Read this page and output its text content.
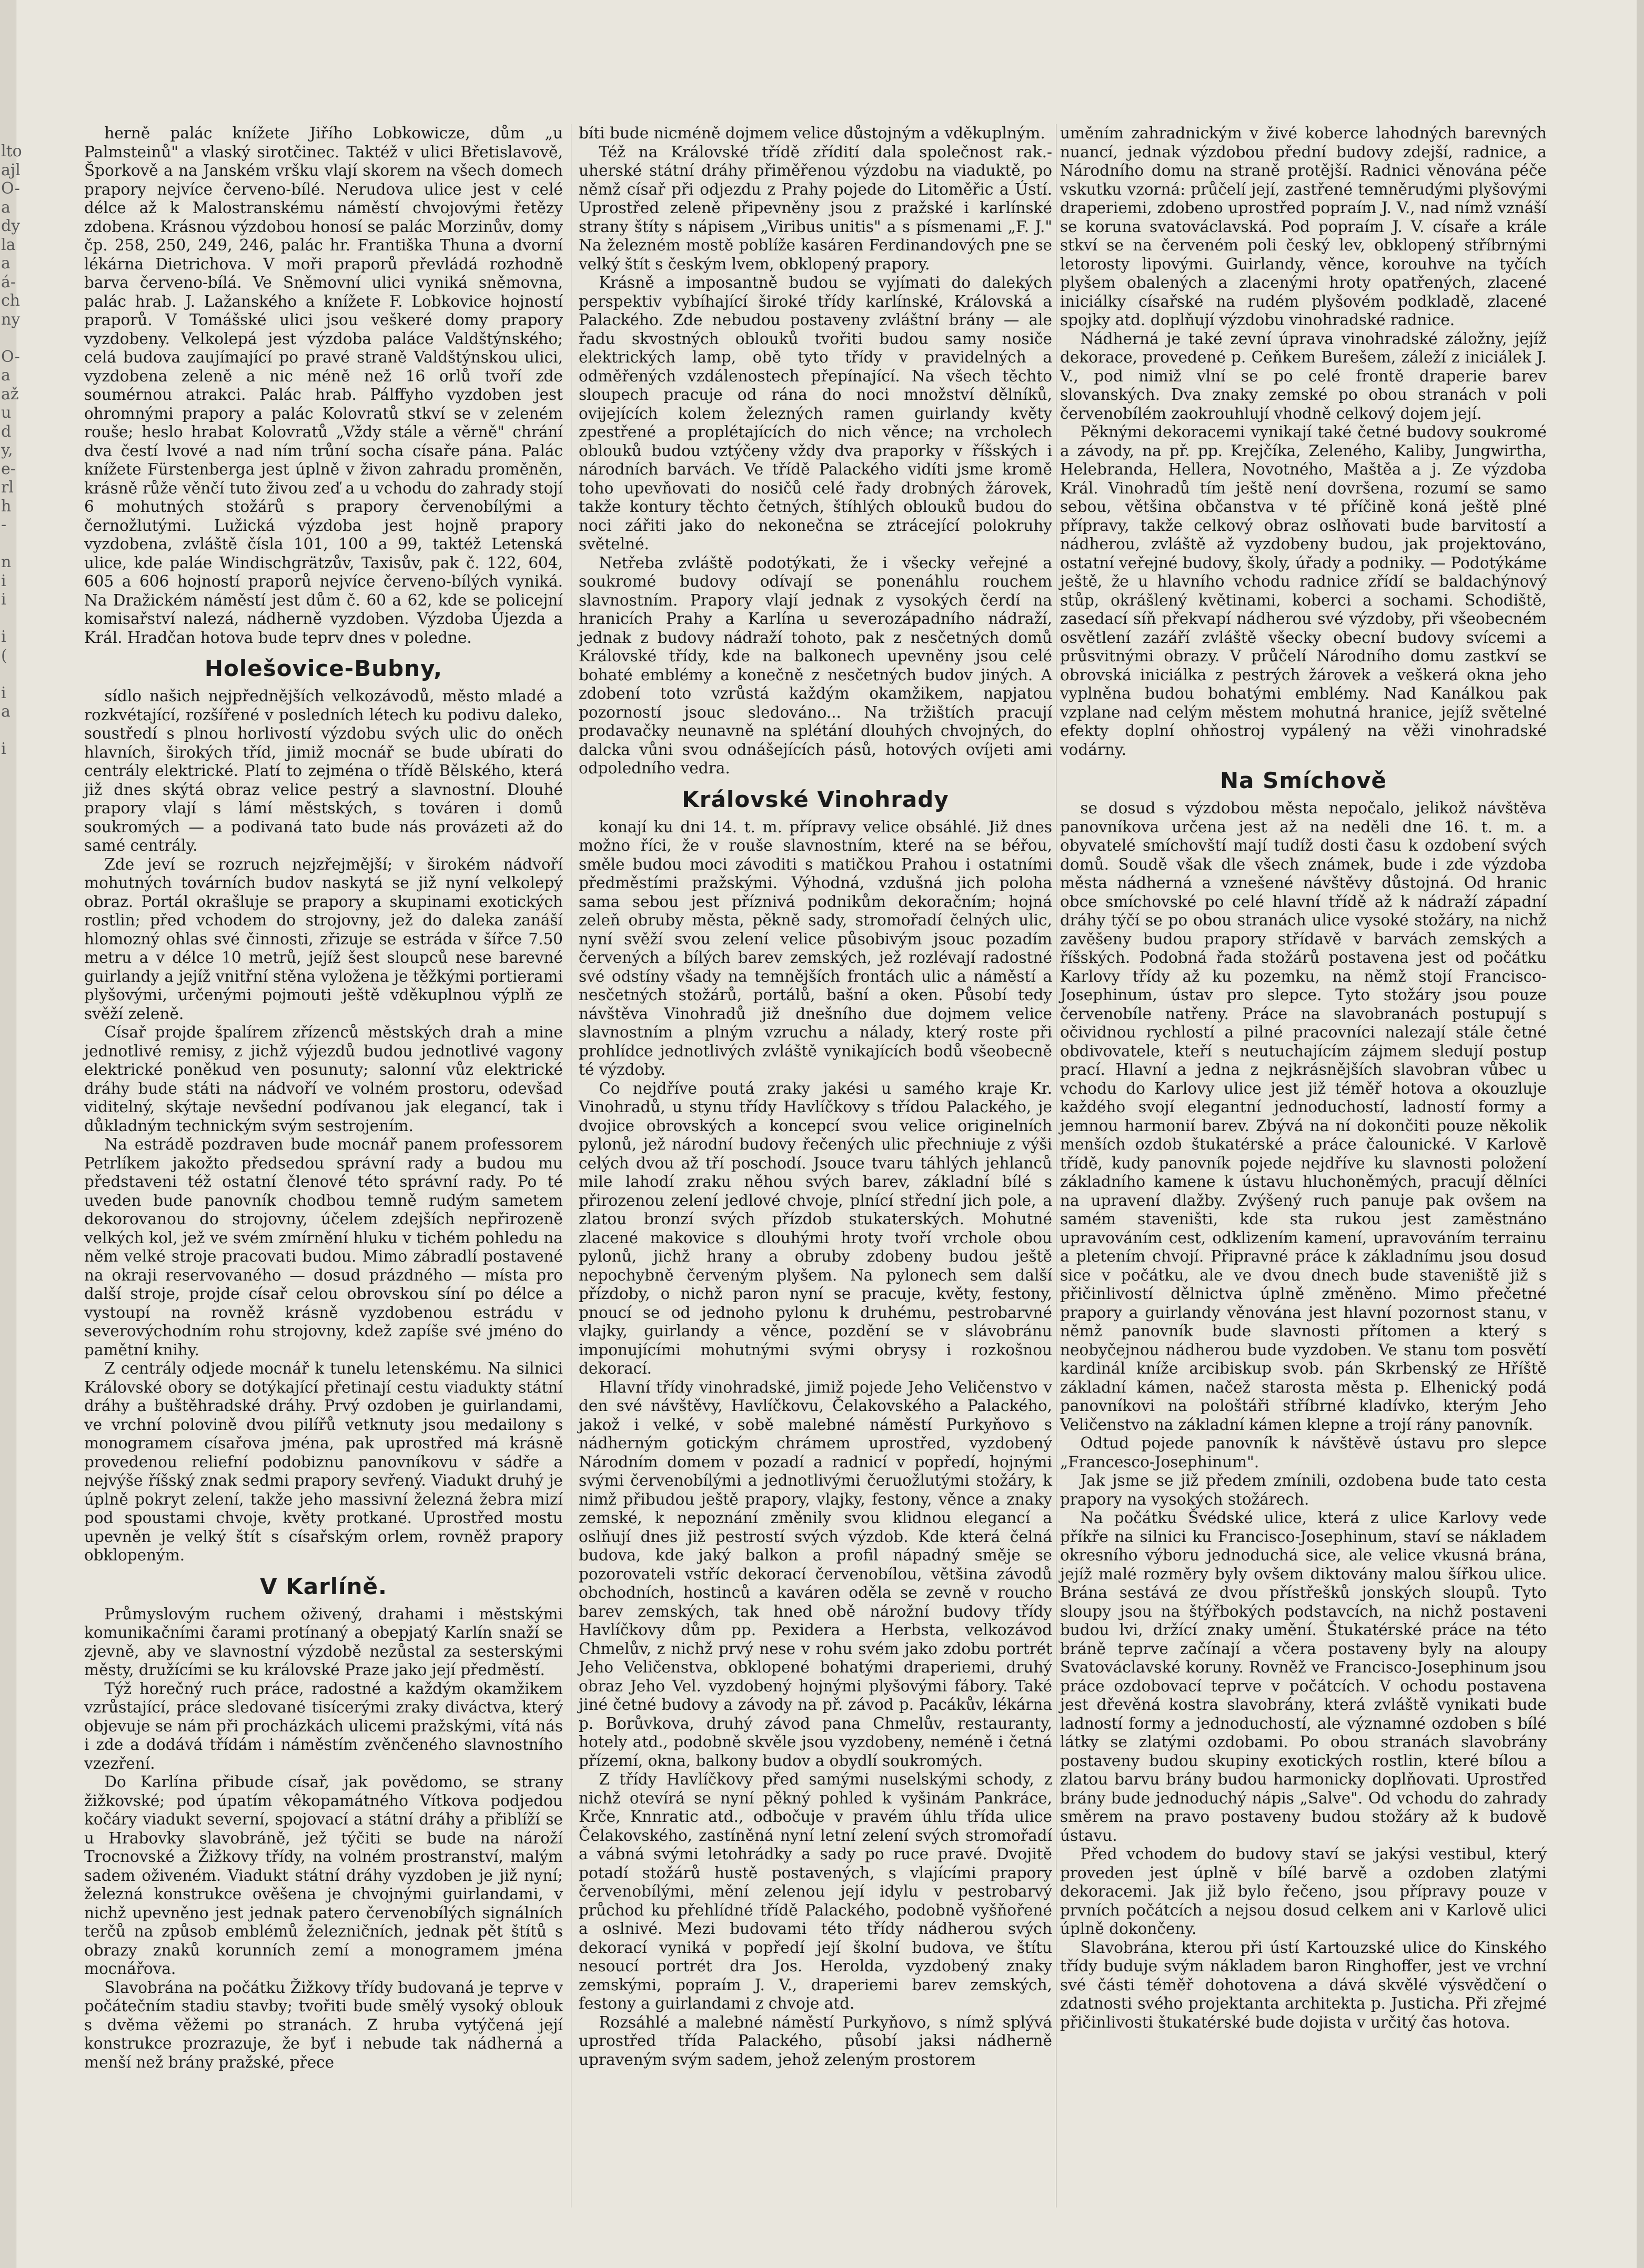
lto
ajl
O-
a
dy
la
a
á-
ch
ny

O-
a
až
u
d
y,
e-
rl
h
-

n
i
i

i
(

i
a

i

herně palác knížete Jiřího Lobkowicze, dům „u Palmsteinů" a vlaský sirotčinec. Taktéž v ulici Břetislavově, Šporkově a na Janském vršku vlají skorem na všech domech prapory nejvíce červeno-bílé. Nerudova ulice jest v celé délce až k Malostranskému náměstí chvojovými řetězy zdobena. Krásnou výzdobou honosí se palác Morzinův, domy čp. 258, 250, 249, 246, palác hr. Františka Thuna a dvorní lékárna Dietrichova. V moři praporů převládá rozhodně barva červeno-bílá. Ve Sněmovní ulici vyniká sněmovna, palác hrab. J. Lažanského a knížete F. Lobkovice hojností praporů. V Tomášské ulici jsou veškeré domy prapory vyzdobeny. Velkolepá jest výzdoba paláce Valdštýnského; celá budova zaujímající po pravé straně Valdštýnskou ulici, vyzdobena zeleně a nic méně než 16 orlů tvoří zde soumérnou atrakci. Palác hrab. Pálffyho vyzdoben jest ohromnými prapory a palác Kolovratů stkví se v zeleném rouše; heslo hrabat Kolovratů „Vždy stále a věrně" chrání dva čestí lvové a nad ním trůní socha císaře pána. Palác knížete Fürstenberga jest úplně v živon zahradu proměněn, krásně růže věnčí tuto živou zeď a u vchodu do zahrady stojí 6 mohutných stožárů s prapory červenobílými a černožlutými. Lužická výzdoba jest hojně prapory vyzdobena, zvláště čísla 101, 100 a 99, taktéž Letenská ulice, kde paláe Windischgrätzův, Taxisův, pak č. 122, 604, 605 a 606 hojností praporů nejvíce červeno-bílých vyniká. Na Dražickém náměstí jest dům č. 60 a 62, kde se policejní komisařství nalezá, nádherně vyzdoben. Výzdoba Újezda a Král. Hradčan hotova bude teprv dnes v poledne.

Holešovice-Bubny,

sídlo našich nejpřednějších velkozávodů, město mladé a rozkvétající, rozšířené v posledních létech ku podivu daleko, soustředí s plnou horlivostí výzdobu svých ulic do oněch hlavních, širokých tříd, jimiž mocnář se bude ubírati do centrály elektrické. Platí to zejména o třídě Bělského, která již dnes skýtá obraz velice pestrý a slavnostní. Dlouhé prapory vlají s lámí městských, s továren i domů soukromých — a podivaná tato bude nás provázeti až do samé centrály.

Zde jeví se rozruch nejzřejmější; v širokém nádvoří mohutných továrních budov naskytá se již nyní velkolepý obraz. Portál okrašluje se prapory a skupinami exotických rostlin; před vchodem do strojovny, jež do daleka zanáší hlomozný ohlas své činnosti, zřizuje se estráda v šířce 7.50 metru a v délce 10 metrů, jejíž šest sloupců nese barevné guirlandy a jejíž vnitřní stěna vyložena je těžkými portierami plyšovými, určenými pojmouti ještě vděkuplnou výplň ze svěží zeleně.

Císař projde špalírem zřízenců městských drah a mine jednotlivé remisy, z jichž výjezdů budou jednotlivé vagony elektrické poněkud ven posunuty; salonní vůz elektrické dráhy bude státi na nádvoří ve volném prostoru, odevšad viditelný, skýtaje nevšední podívanou jak elegancí, tak i důkladným technickým svým sestrojením.

Na estrádě pozdraven bude mocnář panem professorem Petrlíkem jakožto předsedou správní rady a budou mu představeni též ostatní členové této správní rady. Po té uveden bude panovník chodbou temně rudým sametem dekorovanou do strojovny, účelem zdejších nepřirozeně velkých kol, jež ve svém zmírnění hluku v tichém pohledu na něm velké stroje pracovati budou. Mimo zábradlí postavené na okraji reservovaného — dosud prázdného — místa pro další stroje, projde císař celou obrovskou síní po délce a vystoupí na rovněž krásně vyzdobenou estrádu v severovýchodním rohu strojovny, kdež zapíše své jméno do pamětní knihy.

Z centrály odjede mocnář k tunelu letenskému. Na silnici Královské obory se dotýkající přetinají cestu viadukty státní dráhy a buštěhradské dráhy. Prvý ozdoben je guirlandami, ve vrchní polovině dvou pilířů vetknuty jsou medailony s monogramem císařova jména, pak uprostřed má krásně provedenou reliefní podobiznu panovníkovu v sádře a nejvýše říšský znak sedmi prapory sevřený. Viadukt druhý je úplně pokryt zelení, takže jeho massivní železná žebra mizí pod spoustami chvoje, květy protkané. Uprostřed mostu upevněn je velký štít s císařským orlem, rovněž prapory obklopeným.

V Karlíně.

Průmyslovým ruchem oživený, drahami i městskými komunikačními čarami protínaný a obepjatý Karlín snaží se zjevně, aby ve slavnostní výzdobě nezůstal za sesterskými městy, družícími se ku královské Praze jako její předměstí.

Týž horečný ruch práce, radostné a každým okamžikem vzrůstající, práce sledované tisícerými zraky diváctva, který objevuje se nám při procházkách ulicemi pražskými, vítá nás i zde a dodává třídám i náměstím zvěnčeného slavnostního vzezření.

Do Karlína přibude císař, jak povědomo, se strany žižkovské; pod úpatím vêkopamátného Vítkova podjedou kočáry viadukt severní, spojovací a státní dráhy a přiblíží se u Hrabovky slavobráně, jež týčiti se bude na nároží Trocnovské a Žižkovy třídy, na volném prostranství, malým sadem oživeném. Viadukt státní dráhy vyzdoben je již nyní; železná konstrukce ověšena je chvojnými guirlandami, v nichž upevněno jest jednak patero červenobílých signálních terčů na způsob emblémů železničních, jednak pět štítů s obrazy znaků korunních zemí a monogramem jména mocnářova.

Slavobrána na počátku Žižkovy třídy budovaná je teprve v počátečním stadiu stavby; tvořiti bude smělý vysoký oblouk s dvěma věžemi po stranách. Z hruba vytýčená její konstrukce prozrazuje, že byť i nebude tak nádherná a menší než brány pražské, přece

bíti bude nicméně dojmem velice důstojným a vděkuplným.

Též na Královské třídě zřídití dala společnost rak.-uherské státní dráhy přiměřenou výzdobu na viaduktě, po němž císař při odjezdu z Prahy pojede do Litoměřic a Ústí. Uprostřed zeleně připevněny jsou z pražské i karlínské strany štíty s nápisem „Viribus unitis" a s písmenami „F. J." Na železném mostě poblíže kasáren Ferdinandových pne se velký štít s českým lvem, obklopený prapory.

Krásně a imposantně budou se vyjímati do dalekých perspektiv vybíhající široké třídy karlínské, Královská a Palackého. Zde nebudou postaveny zvláštní brány — ale řadu skvostných oblouků tvořiti budou samy nosiče elektrických lamp, obě tyto třídy v pravidelných a odměřených vzdálenostech přepínající. Na všech těchto sloupech pracuje od rána do noci množství dělníků, ovijejících kolem železných ramen guirlandy květy zpestřené a proplétajících do nich věnce; na vrcholech oblouků budou vztýčeny vždy dva praporky v říšských i národních barvách. Ve třídě Palackého vidíti jsme kromě toho upevňovati do nosičů celé řady drobných žárovek, takže kontury těchto četných, štíhlých oblouků budou do noci zářiti jako do nekonečna se ztrácející polokruhy světelné.

Netřeba zvláště podotýkati, že i všecky veřejné a soukromé budovy odívají se ponenáhlu rouchem slavnostním. Prapory vlají jednak z vysokých čerdí na hranicích Prahy a Karlína u severozápadního nádraží, jednak z budovy nádraží tohoto, pak z nesčetných domů Královské třídy, kde na balkonech upevněny jsou celé bohaté emblémy a konečně z nesčetných budov jiných. A zdobení toto vzrůstá každým okamžikem, napjatou pozorností jsouc sledováno... Na tržištích pracují prodavačky neunavně na splétání dlouhých chvojných, do dalcka vůni svou odnášejících pásů, hotových ovíjeti ami odpoledního vedra.

Královské Vinohrady

konají ku dni 14. t. m. přípravy velice obsáhlé. Již dnes možno říci, že v rouše slavnostním, které na se béřou, směle budou moci závoditi s matičkou Prahou i ostatními předměstími pražskými. Výhodná, vzdušná jich poloha sama sebou jest příznivá podnikům dekoračním; hojná zeleň obruby města, pěkně sady, stromořadí čelných ulic, nyní svěží svou zelení velice působivým jsouc pozadím červených a bílých barev zemských, jež rozlévají radostné své odstíny všady na temnějších frontách ulic a náměstí a nesčetných stožárů, portálů, bašní a oken. Působí tedy návštěva Vinohradů již dnešního due dojmem velice slavnostním a plným vzruchu a nálady, který roste při prohlídce jednotlivých zvláště vynikajících bodů všeobecně té výzdoby.

Co nejdříve poutá zraky jakési u samého kraje Kr. Vinohradů, u stynu třídy Havlíčkovy s třídou Palackého, je dvojice obrovských a koncepcí svou velice originelních pylonů, jež národní budovy řečených ulic přechniuje z výši celých dvou až tří poschodí. Jsouce tvaru táhlých jehlanců mile lahodí zraku něhou svých barev, základní bílé s přirozenou zelení jedlové chvoje, plnící střední jich pole, a zlatou bronzí svých přízdob stukaterských. Mohutné zlacené makovice s dlouhými hroty tvoří vrchole obou pylonů, jichž hrany a obruby zdobeny budou ještě nepochybně červeným plyšem. Na pylonech sem další přízdoby, o nichž paron nyní se pracuje, květy, festony, pnoucí se od jednoho pylonu k druhému, pestrobarvné vlajky, guirlandy a věnce, pozdění se v slávobránu imponujícími mohutnými svými obrysy i rozkošnou dekorací.

Hlavní třídy vinohradské, jimiž pojede Jeho Veličenstvo v den své návštěvy, Havlíčkovu, Čelakovského a Palackého, jakož i velké, v sobě malebné náměstí Purkyňovo s nádherným gotickým chrámem uprostřed, vyzdobený Národním domem v pozadí a radnicí v popředí, hojnými svými červenobílými a jednotlivými čeruožlutými stožáry, k nimž přibudou ještě prapory, vlajky, festony, věnce a znaky zemské, k nepoznání změnily svou klidnou elegancí a oslňují dnes již pestrostí svých výzdob. Kde která čelná budova, kde jaký balkon a profil nápadný směje se pozorovateli vstříc dekorací červenobílou, většina závodů obchodních, hostinců a kaváren oděla se zevně v roucho barev zemských, tak hned obě nárožní budovy třídy Havlíčkovy dům pp. Pexidera a Herbsta, velkozávod Chmelův, z nichž prvý nese v rohu svém jako zdobu portrét Jeho Veličenstva, obklopené bohatými draperiemi, druhý obraz Jeho Vel. vyzdobený hojnými plyšovými fábory. Také jiné četné budovy a závody na př. závod p. Pacákův, lékárna p. Borůvkova, druhý závod pana Chmelův, restauranty, hotely atd., podobně skvěle jsou vyzdobeny, neméně i četná přízemí, okna, balkony budov a obydlí soukromých.

Z třídy Havlíčkovy před samými nuselskými schody, z nichž otevírá se nyní pěkný pohled k vyšinám Pankráce, Krče, Knnratic atd., odbočuje v pravém úhlu třída ulice Čelakovského, zastíněná nyní letní zelení svých stromořadí a vábná svými letohrádky a sady po ruce pravé. Dvojitě potadí stožárů hustě postavených, s vlajícími prapory červenobílými, mění zelenou její idylu v pestrobarvý průchod ku přehlídné třídě Palackého, podobně vyšňořené a oslnivé. Mezi budovami této třídy nádherou svých dekorací vyniká v popředí její školní budova, ve štítu nesoucí portrét dra Jos. Herolda, vyzdobený znaky zemskými, popraím J. V., draperiemi barev zemských, festony a guirlandami z chvoje atd.

Rozsáhlé a malebné náměstí Purkyňovo, s nímž splývá uprostřed třída Palackého, působí jaksi nádherně upraveným svým sadem, jehož zeleným prostorem

uměním zahradnickým v živé koberce lahodných barevných nuancí, jednak výzdobou přední budovy zdejší, radnice, a Národního domu na straně protější. Radnici věnována péče vskutku vzorná: průčelí její, zastřené temněrudými plyšovými draperiemi, zdobeno uprostřed popraím J. V., nad nímž vznáší se koruna svatováclavská. Pod popraím J. V. císaře a krále stkví se na červeném poli český lev, obklopený stříbrnými letorosty lipovými. Guirlandy, věnce, korouhve na tyčích plyšem obalených a zlacenými hroty opatřených, zlacené iniciálky císařské na rudém plyšovém podkladě, zlacené spojky atd. doplňují výzdobu vinohradské radnice.

Nádherná je také zevní úprava vinohradské záložny, jejíž dekorace, provedené p. Ceňkem Burešem, záleží z iniciálek J. V., pod nimiž vlní se po celé frontě draperie barev slovanských. Dva znaky zemské po obou stranách v poli červenobílém zaokrouhlují vhodně celkový dojem její.

Pěknými dekoracemi vynikají také četné budovy soukromé a závody, na př. pp. Krejčíka, Zeleného, Kaliby, Jungwirtha, Helebranda, Hellera, Novotného, Maštěa a j. Ze výzdoba Král. Vinohradů tím ještě není dovršena, rozumí se samo sebou, většina občanstva v té příčině koná ještě plné přípravy, takže celkový obraz oslňovati bude barvitostí a nádherou, zvláště až vyzdobeny budou, jak projektováno, ostatní veřejné budovy, školy, úřady a podniky. — Podotýkáme ještě, že u hlavního vchodu radnice zřídí se baldachýnový stůp, okrášlený květinami, koberci a sochami. Schodiště, zasedací síň překvapí nádherou své výzdoby, při všeobecném osvětlení zazáří zvláště všecky obecní budovy svícemi a průsvitnými obrazy. V průčelí Národního domu zastkví se obrovská iniciálka z pestrých žárovek a veškerá okna jeho vyplněna budou bohatými emblémy. Nad Kanálkou pak vzplane nad celým městem mohutná hranice, jejíž světelné efekty doplní ohňostroj vypálený na věži vinohradské vodárny.

Na Smíchově

se dosud s výzdobou města nepočalo, jelikož návštěva panovníkova určena jest až na neděli dne 16. t. m. a obyvatelé smíchovští mají tudíž dosti času k ozdobení svých domů. Soudě však dle všech známek, bude i zde výzdoba města nádherná a vznešené návštěvy důstojná. Od hranic obce smíchovské po celé hlavní třídě až k nádraží západní dráhy týčí se po obou stranách ulice vysoké stožáry, na nichž zavěšeny budou prapory střídavě v barvách zemských a říšských. Podobná řada stožárů postavena jest od počátku Karlovy třídy až ku pozemku, na němž stojí Francisco-Josephinum, ústav pro slepce. Tyto stožáry jsou pouze červenobíle natřeny. Práce na slavobranách postupují s očividnou rychlostí a pilné pracovníci nalezají stále četné obdivovatele, kteří s neutuchajícím zájmem sledují postup prací. Hlavní a jedna z nejkrásnějších slavobran vůbec u vchodu do Karlovy ulice jest již téměř hotova a okouzluje každého svojí elegantní jednoduchostí, ladností formy a jemnou harmonií barev. Zbývá na ní dokončiti pouze několik menších ozdob štukatérské a práce čalounické. V Karlově třídě, kudy panovník pojede nejdříve ku slavnosti položení základního kamene k ústavu hluchoněmých, pracují dělníci na upravení dlažby. Zvýšený ruch panuje pak ovšem na samém staveništi, kde sta rukou jest zaměstnáno upravováním cest, odklizením kamení, upravováním terrainu a pletením chvojí. Připravné práce k základnímu jsou dosud sice v počátku, ale ve dvou dnech bude staveniště již s přičinlivostí dělnictva úplně změněno. Mimo přečetné prapory a guirlandy věnována jest hlavní pozornost stanu, v němž panovník bude slavnosti přítomen a který s neobyčejnou nádherou bude vyzdoben. Ve stanu tom posvětí kardinál kníže arcibiskup svob. pán Skrbenský ze Hříště základní kámen, načež starosta města p. Elhenický podá panovníkovi na pološtáři stříbrné kladívko, kterým Jeho Veličenstvo na základní kámen klepne a trojí rány panovník.

Odtud pojede panovník k návštěvě ústavu pro slepce „Francesco-Josephinum".

Jak jsme se již předem zmínili, ozdobena bude tato cesta prapory na vysokých stožárech.

Na počátku Švédské ulice, která z ulice Karlovy vede příkře na silnici ku Francisco-Josephinum, staví se nákladem okresního výboru jednoduchá sice, ale velice vkusná brána, jejíž malé rozměry byly ovšem diktovány malou šířkou ulice. Brána sestává ze dvou přístřešků jonských sloupů. Tyto sloupy jsou na štýřbokých podstavcích, na nichž postaveni budou lvi, držící znaky umění. Štukatérské práce na této bráně teprve začínají a včera postaveny byly na aloupy Svatováclavské koruny. Rovněž ve Francisco-Josephinum jsou práce ozdobovací teprve v počátcích. V ochodu postavena jest dřevěná kostra slavobrány, která zvláště vynikati bude ladností formy a jednoduchostí, ale významné ozdoben s bílé látky se zlatými ozdobami. Po obou stranách slavobrány postaveny budou skupiny exotických rostlin, které bílou a zlatou barvu brány budou harmonicky doplňovati. Uprostřed brány bude jednoduchý nápis „Salve". Od vchodu do zahrady směrem na pravo postaveny budou stožáry až k budově ústavu.

Před vchodem do budovy staví se jakýsi vestibul, který proveden jest úplně v bílé barvě a ozdoben zlatými dekoracemi. Jak již bylo řečeno, jsou přípravy pouze v prvních počátcích a nejsou dosud celkem ani v Karlově ulici úplně dokončeny.

Slavobrána, kterou při ústí Kartouzské ulice do Kinského třídy buduje svým nákladem baron Ringhoffer, jest ve vrchní své části téměř dohotovena a dává skvělé výsvědčení o zdatnosti svého projektanta architekta p. Justicha. Při zřejmé přičinlivosti štukatérské bude dojista v určitý čas hotova.
